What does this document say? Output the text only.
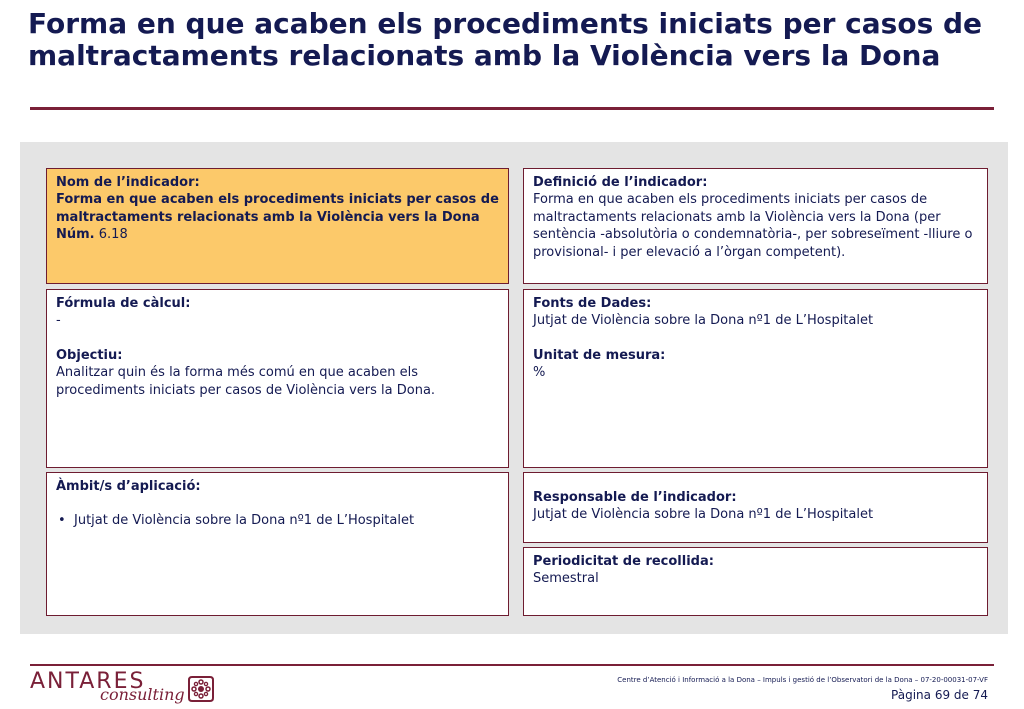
Forma en que acaben els procediments iniciats per casos de maltractaments relacionats amb la Violència vers la Dona
Nom de l’indicador:
Forma en que acaben els procediments iniciats per casos de maltractaments relacionats amb la Violència vers la Dona
Núm. 6.18
Definició de l’indicador:
Forma en que acaben els procediments iniciats per casos de maltractaments relacionats amb la Violència vers la Dona (per sentència -absolutòria o condemnatòria-, per sobreseïment -lliure o provisional- i per elevació a l’òrgan competent).
Fórmula de càlcul:
-
Objectiu:
Analitzar quin és la forma més comú en que acaben els procediments iniciats per casos de Violència vers la Dona.
Fonts de Dades:
Jutjat de Violència sobre la Dona nº1 de L’Hospitalet
Unitat de mesura:
%
Àmbit/s d’aplicació:
• Jutjat de Violència sobre la Dona nº1 de L’Hospitalet
Responsable de l’indicador:
Jutjat de Violència sobre la Dona nº1 de L’Hospitalet
Periodicitat de recollida:
Semestral
ANTARES
consulting
Centre d’Atenció i Informació a la Dona – Impuls i gestió de l’Observatori de la Dona – 07-20-00031-07-VF
Pàgina 69 de 74
